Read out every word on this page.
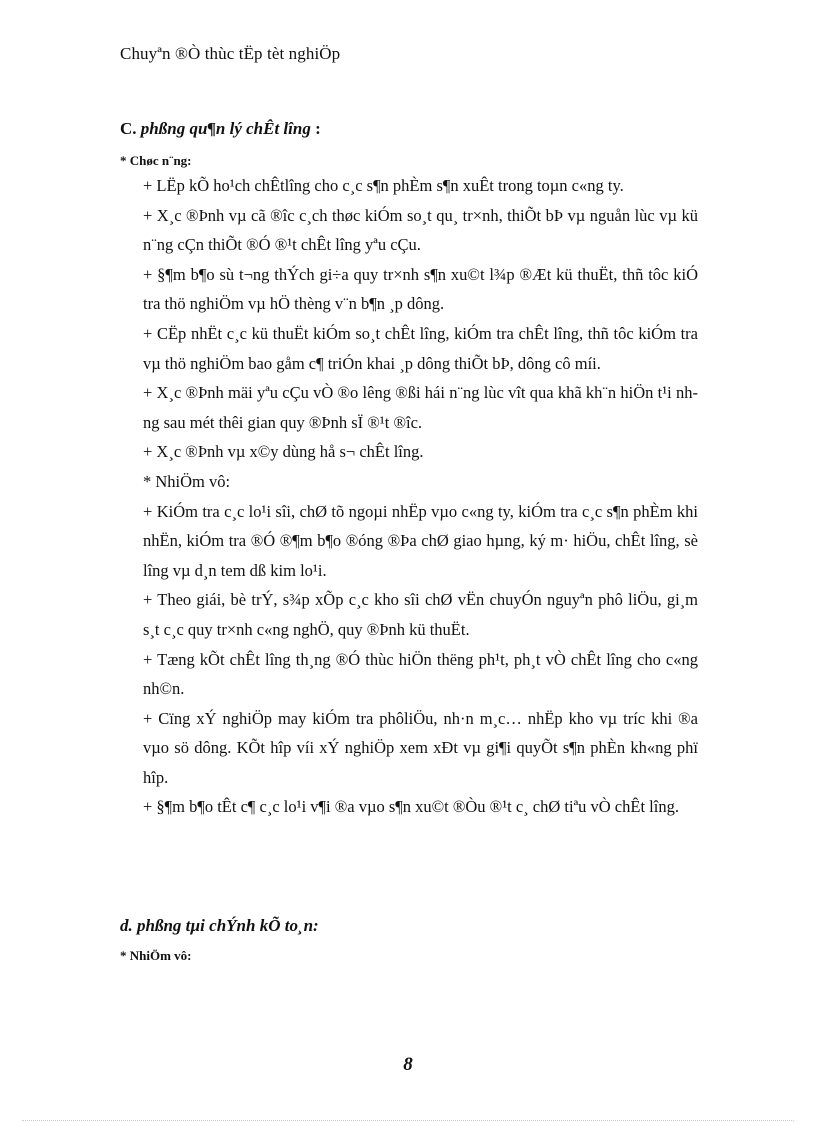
Chuyªn ®Ò thùc tËp tèt nghiÖp
C. phßng qu¶n lý chÊt lîng :
* Chøc n¨ng:

+ LËp kÕ ho¹ch chÊtlîng cho c¸c s¶n phÈm s¶n xuÊt trong toµn c«ng ty.

+ X¸c ®Þnh vµ cã ®îc c¸ch thøc kiÓm so¸t qu¸ tr×nh, thiÕt bÞ vµ nguån lùc vµ kü n¨ng cÇn thiÕt ®Ó ®¹t chÊt lîng yªu cÇu.

+ §¶m b¶o sù t¬ng thÝch gi÷a quy tr×nh s¶n xu©t l¾p ®Æt kü thuËt, thñ tôc kiÓ tra thö nghiÖm vµ hÖ thèng v¨n b¶n ¸p dông.

+ CËp nhËt c¸c kü thuËt kiÓm so¸t chÊt lîng, kiÓm tra chÊt lîng, thñ tôc kiÓm tra vµ thö nghiÖm bao gåm c¶ triÓn khai ¸p dông thiÕt bÞ, dông cô míi.

+ X¸c ®Þnh mäi yªu cÇu vÒ ®o lêng ®ßi hái n¨ng lùc vît qua khã kh¨n hiÖn t¹i nhng sau mét thêi gian quy ®Þnh sÏ ®¹t ®îc.

+ X¸c ®Þnh vµ x©y dùng hå s¬ chÊt lîng.

* NhiÖm vô:

+ KiÓm tra c¸c lo¹i sîi, chØ tõ ngoµi nhËp vµo c«ng ty, kiÓm tra c¸c s¶n phÈm khi nhËn, kiÓm tra ®Ó ®¶m b¶o ®óng ®Þa chØ giao hµng, ký m· hiÖu, chÊt lîng, sè lîng vµ d¸n tem dß kim lo¹i.

+ Theo giái, bè trÝ, s¾p xÕp c¸c kho sîi chØ vËn chuyÓn nguyªn phô liÖu, gi¸m s¸t c¸c quy tr×nh c«ng nghÖ, quy ®Þnh kü thuËt.

+ Tæng kÕt chÊt lîng th¸ng ®Ó thùc hiÖn thëng ph¹t, ph¸t vÒ chÊt lîng cho c«ng nh©n.

+ Cïng xÝ nghiÖp may kiÓm tra phôliÖu, nh·n m¸c… nhËp kho vµ tríc khi ®a vµo sö dông. KÕt hîp víi xÝ nghiÖp xem xÐt vµ gi¶i quyÕt s¶n phÈn kh«ng phï hîp.

+ §¶m b¶o tÊt c¶ c¸c lo¹i v¶i ®a vµo s¶n xu©t ®Òu ®¹t c¸ chØ tiªu vÒ chÊt lîng.

d. phßng tµi chÝnh kÕ to¸n:
* NhiÖm vô:
8
